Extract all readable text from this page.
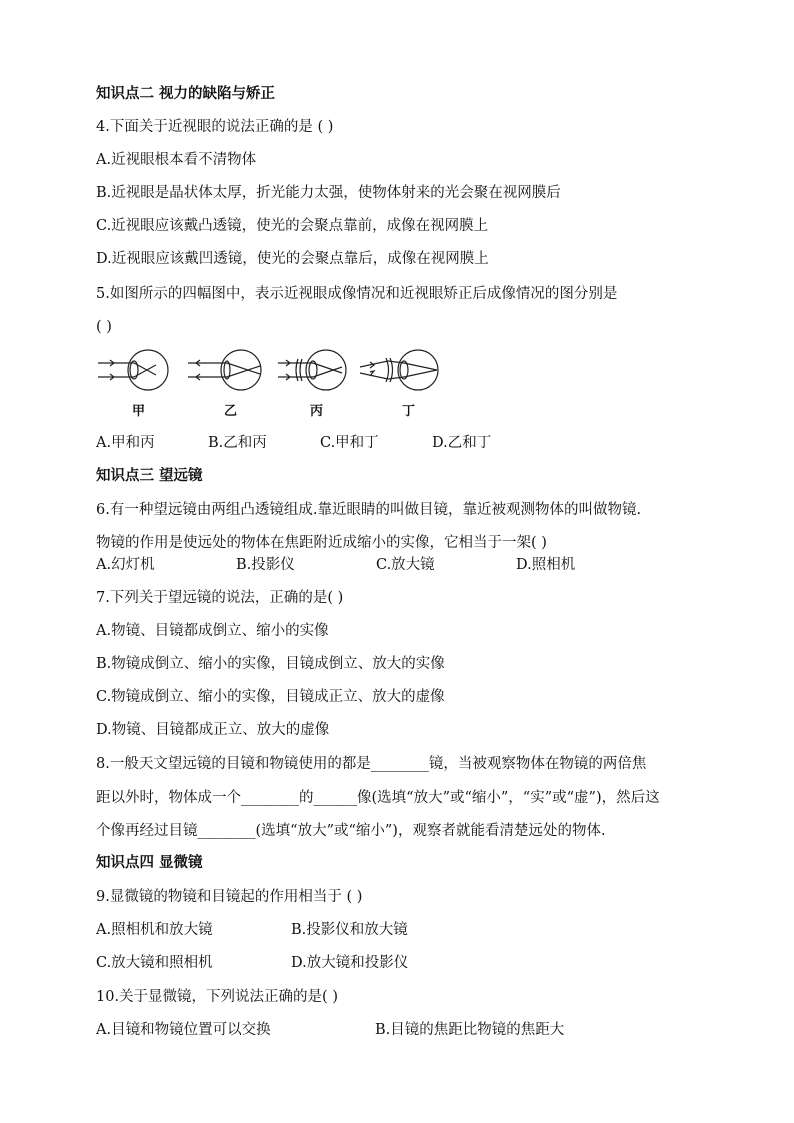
知识点二 视力的缺陷与矫正
4.下面关于近视眼的说法正确的是 ( )
A.近视眼根本看不清物体
B.近视眼是晶状体太厚，折光能力太强，使物体射来的光会聚在视网膜后
C.近视眼应该戴凸透镜，使光的会聚点靠前，成像在视网膜上
D.近视眼应该戴凹透镜，使光的会聚点靠后，成像在视网膜上
5.如图所示的四幅图中，表示近视眼成像情况和近视眼矫正后成像情况的图分别是
( )
甲	乙	丙	丁
A.甲和丙	B.乙和丙	C.甲和丁	D.乙和丁
知识点三 望远镜
6.有一种望远镜由两组凸透镜组成.靠近眼睛的叫做目镜，靠近被观测物体的叫做物镜.
物镜的作用是使远处的物体在焦距附近成缩小的实像，它相当于一架( )
A.幻灯机	B.投影仪	C.放大镜	D.照相机
7.下列关于望远镜的说法，正确的是( )
A.物镜、目镜都成倒立、缩小的实像
B.物镜成倒立、缩小的实像，目镜成倒立、放大的实像
C.物镜成倒立、缩小的实像，目镜成正立、放大的虚像
D.物镜、目镜都成正立、放大的虚像
8.一般天文望远镜的目镜和物镜使用的都是________镜，当被观察物体在物镜的两倍焦
距以外时，物体成一个________的______像(选填“放大”或“缩小”，“实”或“虚”)，然后这
个像再经过目镜________(选填“放大”或“缩小”)，观察者就能看清楚远处的物体.
知识点四 显微镜
9.显微镜的物镜和目镜起的作用相当于 ( )
A.照相机和放大镜	B.投影仪和放大镜
C.放大镜和照相机	D.放大镜和投影仪
10.关于显微镜，下列说法正确的是( )
A.目镜和物镜位置可以交换	B.目镜的焦距比物镜的焦距大
